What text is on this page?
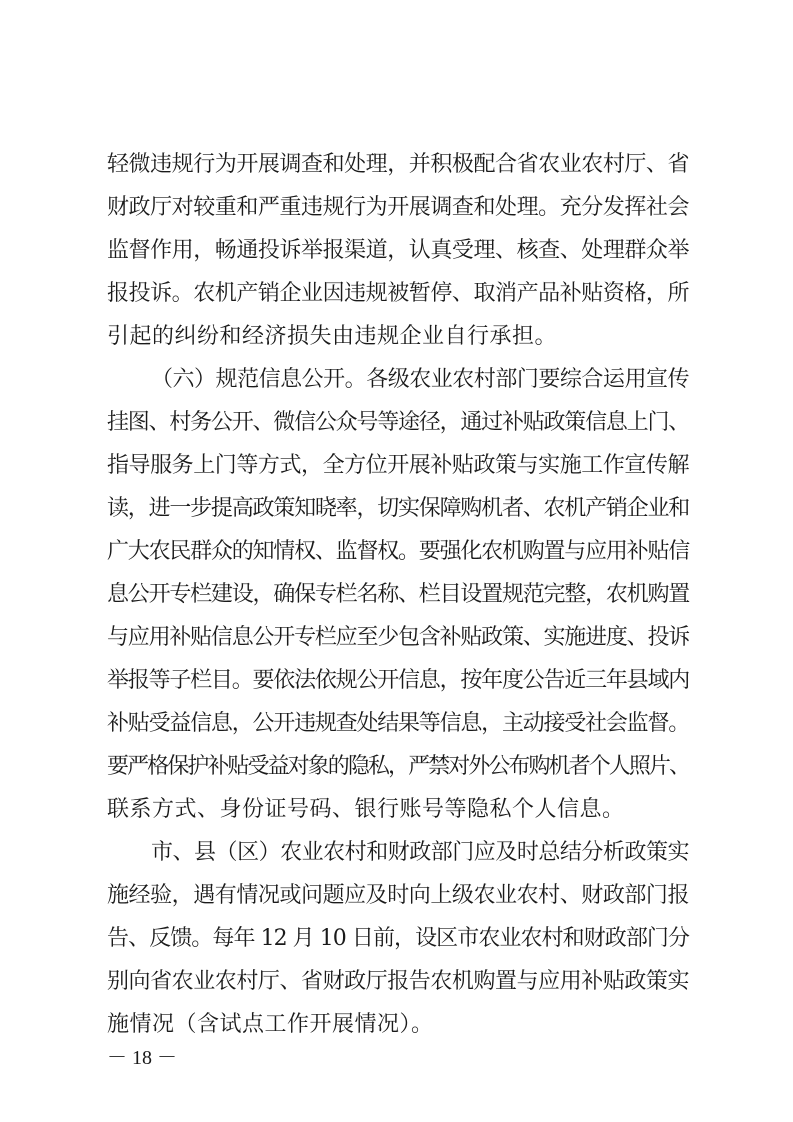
轻微违规行为开展调查和处理，并积极配合省农业农村厅、省
财政厅对较重和严重违规行为开展调查和处理。充分发挥社会
监督作用，畅通投诉举报渠道，认真受理、核查、处理群众举
报投诉。农机产销企业因违规被暂停、取消产品补贴资格，所
引起的纠纷和经济损失由违规企业自行承担。
（六）规范信息公开。各级农业农村部门要综合运用宣传
挂图、村务公开、微信公众号等途径，通过补贴政策信息上门、
指导服务上门等方式，全方位开展补贴政策与实施工作宣传解
读，进一步提高政策知晓率，切实保障购机者、农机产销企业和
广大农民群众的知情权、监督权。要强化农机购置与应用补贴信
息公开专栏建设，确保专栏名称、栏目设置规范完整，农机购置
与应用补贴信息公开专栏应至少包含补贴政策、实施进度、投诉
举报等子栏目。要依法依规公开信息，按年度公告近三年县域内
补贴受益信息，公开违规查处结果等信息，主动接受社会监督。
要严格保护补贴受益对象的隐私，严禁对外公布购机者个人照片、
联系方式、身份证号码、银行账号等隐私个人信息。
市、县（区）农业农村和财政部门应及时总结分析政策实
施经验，遇有情况或问题应及时向上级农业农村、财政部门报
告、反馈。每年 12 月 10 日前，设区市农业农村和财政部门分
别向省农业农村厅、省财政厅报告农机购置与应用补贴政策实
施情况（含试点工作开展情况）。
－ 18 －
